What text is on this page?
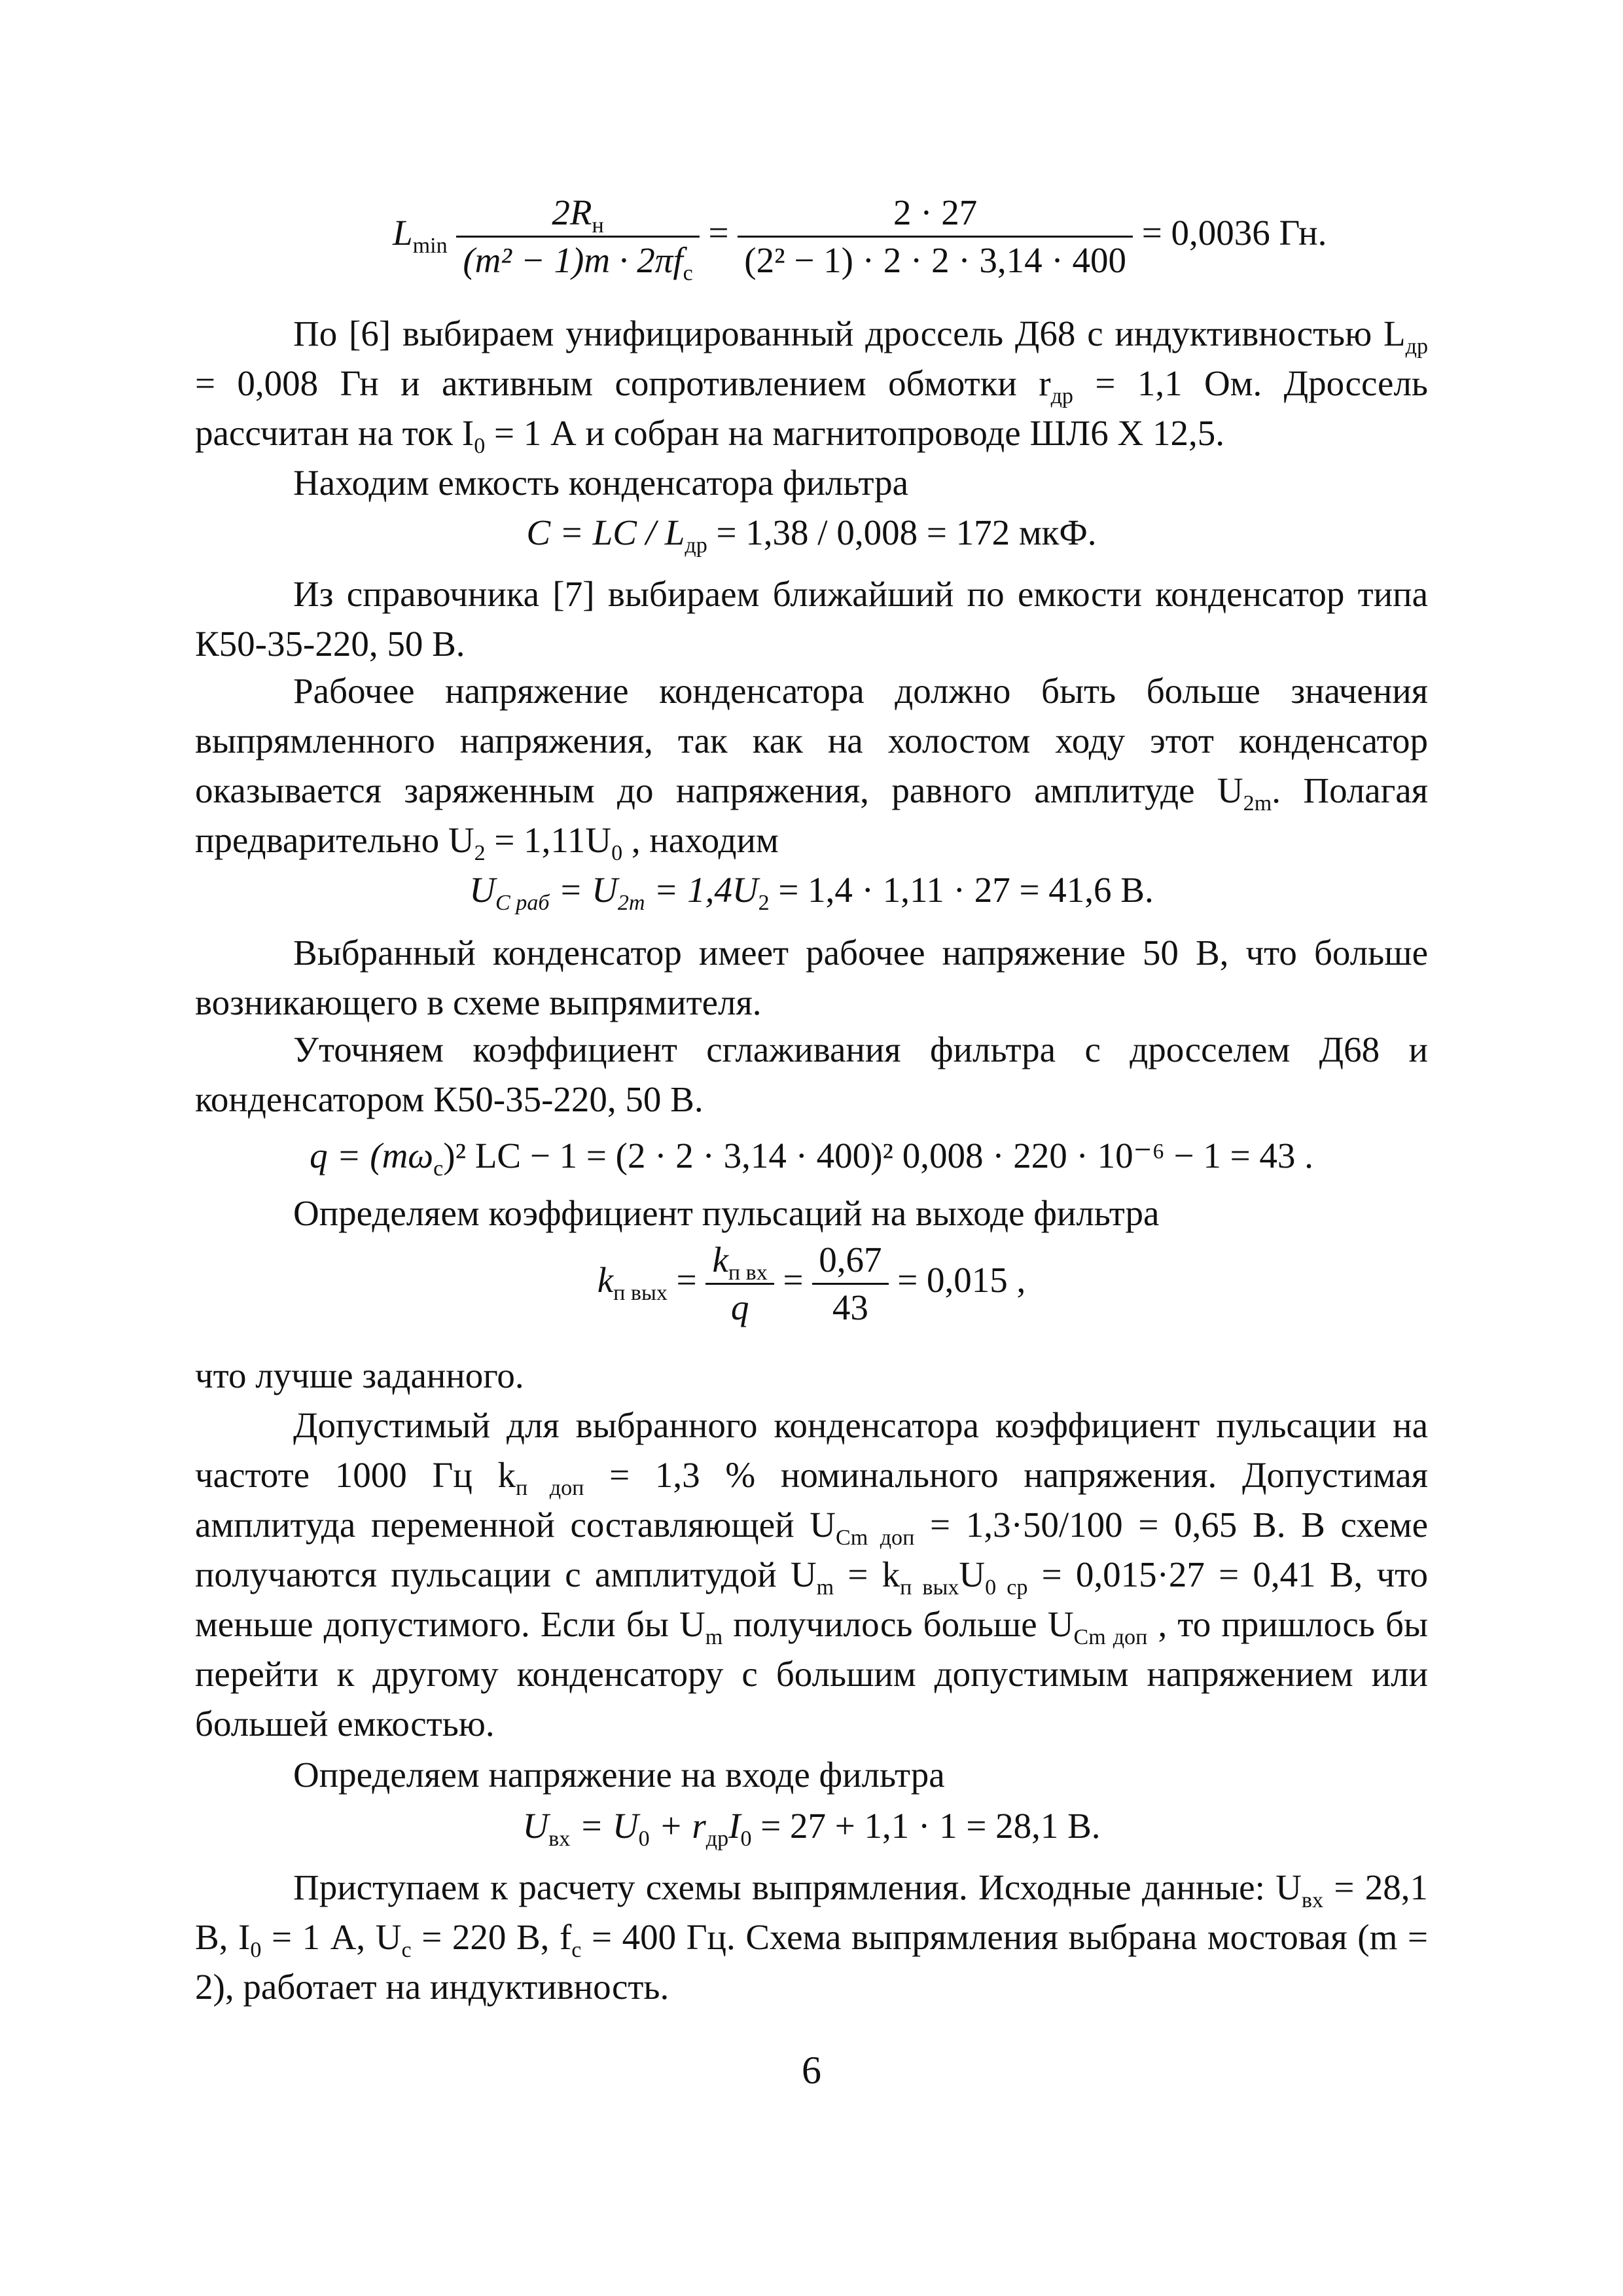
$L_{min} \frac{2R_н}{(m^2 - 1)m \cdot 2\pi f_c} = \frac{2 \cdot 27}{\text{(2² − 1) · 2 · 2 · 3,14 · 400}} = 0,0036$ Гн.
По [6] выбираем унифицированный дроссель Д68 с индуктивностью $L_{др} = 0,008$ Гн и активным сопротивлением обмотки $r_{др} = 1,1$ Ом. Дроссель рассчитан на ток $I_0 = 1$ А и собран на магнитопроводе ШЛ6 Х 12,5.
Находим емкость конденсатора фильтра
C = LC / $L_{др} = 1,38 / 0,008 = 172$ мкФ.
Из справочника [7] выбираем ближайший по емкости конденсатор типа К50-35-220, 50 В.
Рабочее напряжение конденсатора должно быть больше значения выпрямленного напряжения, так как на холостом ходу этот конденсатор оказывается заряженным до напряжения, равного амплитуде $U_{2m}$. Полагая предварительно $U_2 = 1,11U_0$ , находим
$U_{C раб} = U_{2m} = 1,4U_2 = 1,4 \cdot 1,11 \cdot 27 = 41,6$ В.
Выбранный конденсатор имеет рабочее напряжение 50 В, что больше возникающего в схеме выпрямителя.
Уточняем коэффициент сглаживания фильтра с дросселем Д68 и конденсатором К50-35-220, 50 В.
$q = (m\omega_c)^2$ LC − 1 = (2 · 2 · 3,14 · 400)² 0,008 · 220 · 10⁻⁶ − 1 = 43 .
Определяем коэффициент пульсаций на выходе фильтра
$k_{п вых} = \frac{k_{п вх}}{q} = \frac{0,67}{43} = 0,015$ ,
что лучше заданного.
Допустимый для выбранного конденсатора коэффициент пульсации на частоте 1000 Гц $k_{п доп} = 1,3$ % номинального напряжения. Допустимая амплитуда переменной составляющей $U_{Cm доп} = 1,3\cdot 50/100 = 0,65$ В. В схеме получаются пульсации с амплитудой $U_m = k_{п вых}U_{0 ср} = 0,015\cdot 27 = 0,41$ В, что меньше допустимого. Если бы $U_m$ получилось больше $U_{Cm доп}$ , то пришлось бы перейти к другому конденсатору с большим допустимым напряжением или большей емкостью.
Определяем напряжение на входе фильтра
$U_{вх} = U_0 + r_{др}I_0 = 27 + 1,1 \cdot 1 = 28,1$ В.
Приступаем к расчету схемы выпрямления. Исходные данные: $U_{вх} = 28,1$ В, $I_0 = 1$ А, $U_c = 220$ В, $f_c = 400$ Гц. Схема выпрямления выбрана мостовая (m = 2), работает на индуктивность.
6
